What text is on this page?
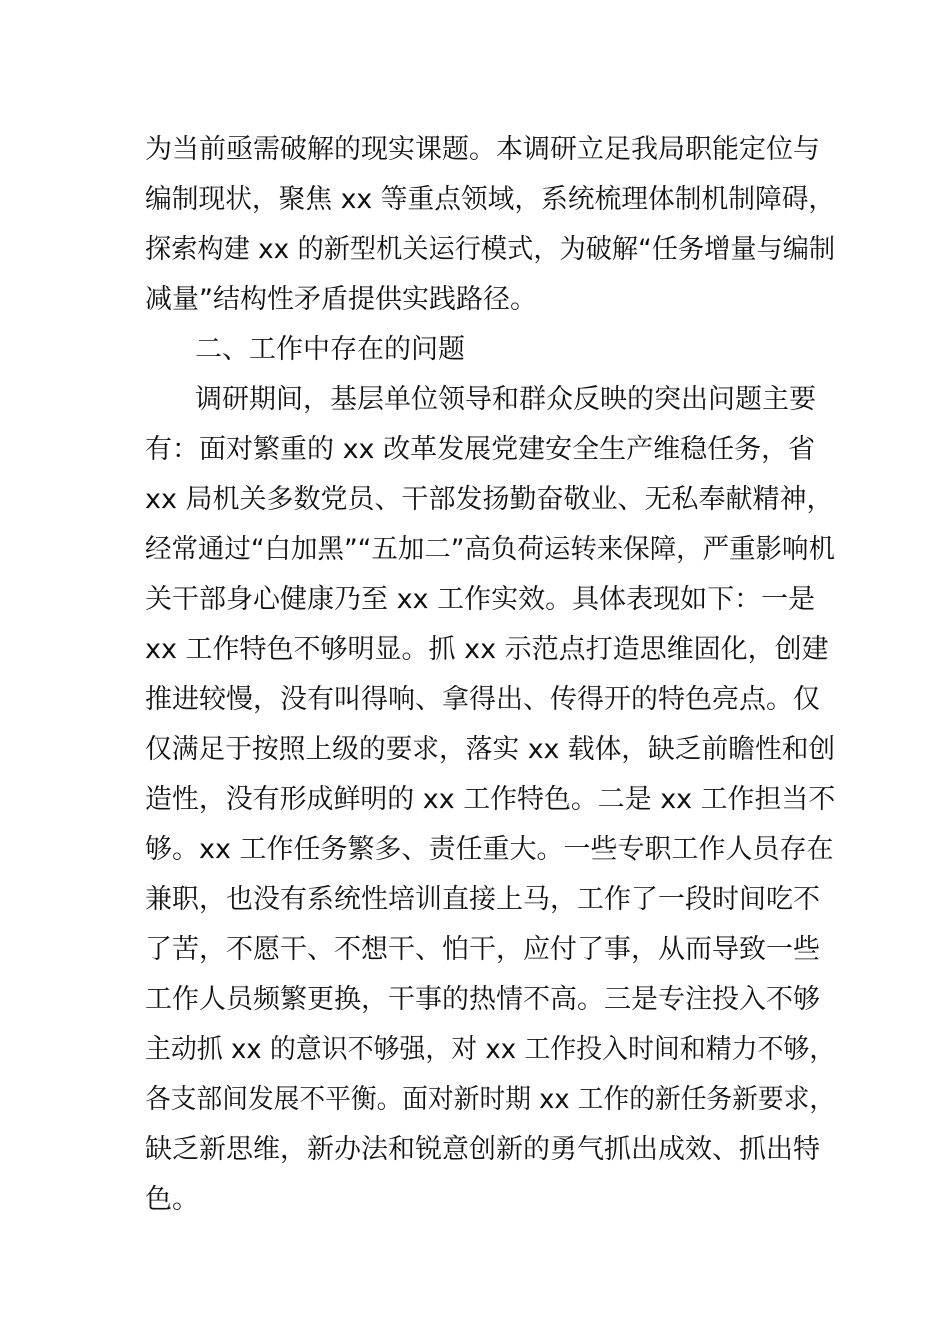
为当前亟需破解的现实课题。本调研立足我局职能定位与
编制现状，聚焦 xx 等重点领域，系统梳理体制机制障碍，
探索构建 xx 的新型机关运行模式，为破解“任务增量与编制
减量”结构性矛盾提供实践路径。
二、工作中存在的问题
调研期间，基层单位领导和群众反映的突出问题主要
有：面对繁重的 xx 改革发展党建安全生产维稳任务，省
xx 局机关多数党员、干部发扬勤奋敬业、无私奉献精神，
经常通过“白加黑”“五加二”高负荷运转来保障，严重影响机
关干部身心健康乃至 xx 工作实效。具体表现如下：一是
xx 工作特色不够明显。抓 xx 示范点打造思维固化，创建
推进较慢，没有叫得响、拿得出、传得开的特色亮点。仅
仅满足于按照上级的要求，落实 xx 载体，缺乏前瞻性和创
造性，没有形成鲜明的 xx 工作特色。二是 xx 工作担当不
够。xx 工作任务繁多、责任重大。一些专职工作人员存在
兼职，也没有系统性培训直接上马，工作了一段时间吃不
了苦，不愿干、不想干、怕干，应付了事，从而导致一些
工作人员频繁更换，干事的热情不高。三是专注投入不够
主动抓 xx 的意识不够强，对 xx 工作投入时间和精力不够，
各支部间发展不平衡。面对新时期 xx 工作的新任务新要求，
缺乏新思维，新办法和锐意创新的勇气抓出成效、抓出特
色。
